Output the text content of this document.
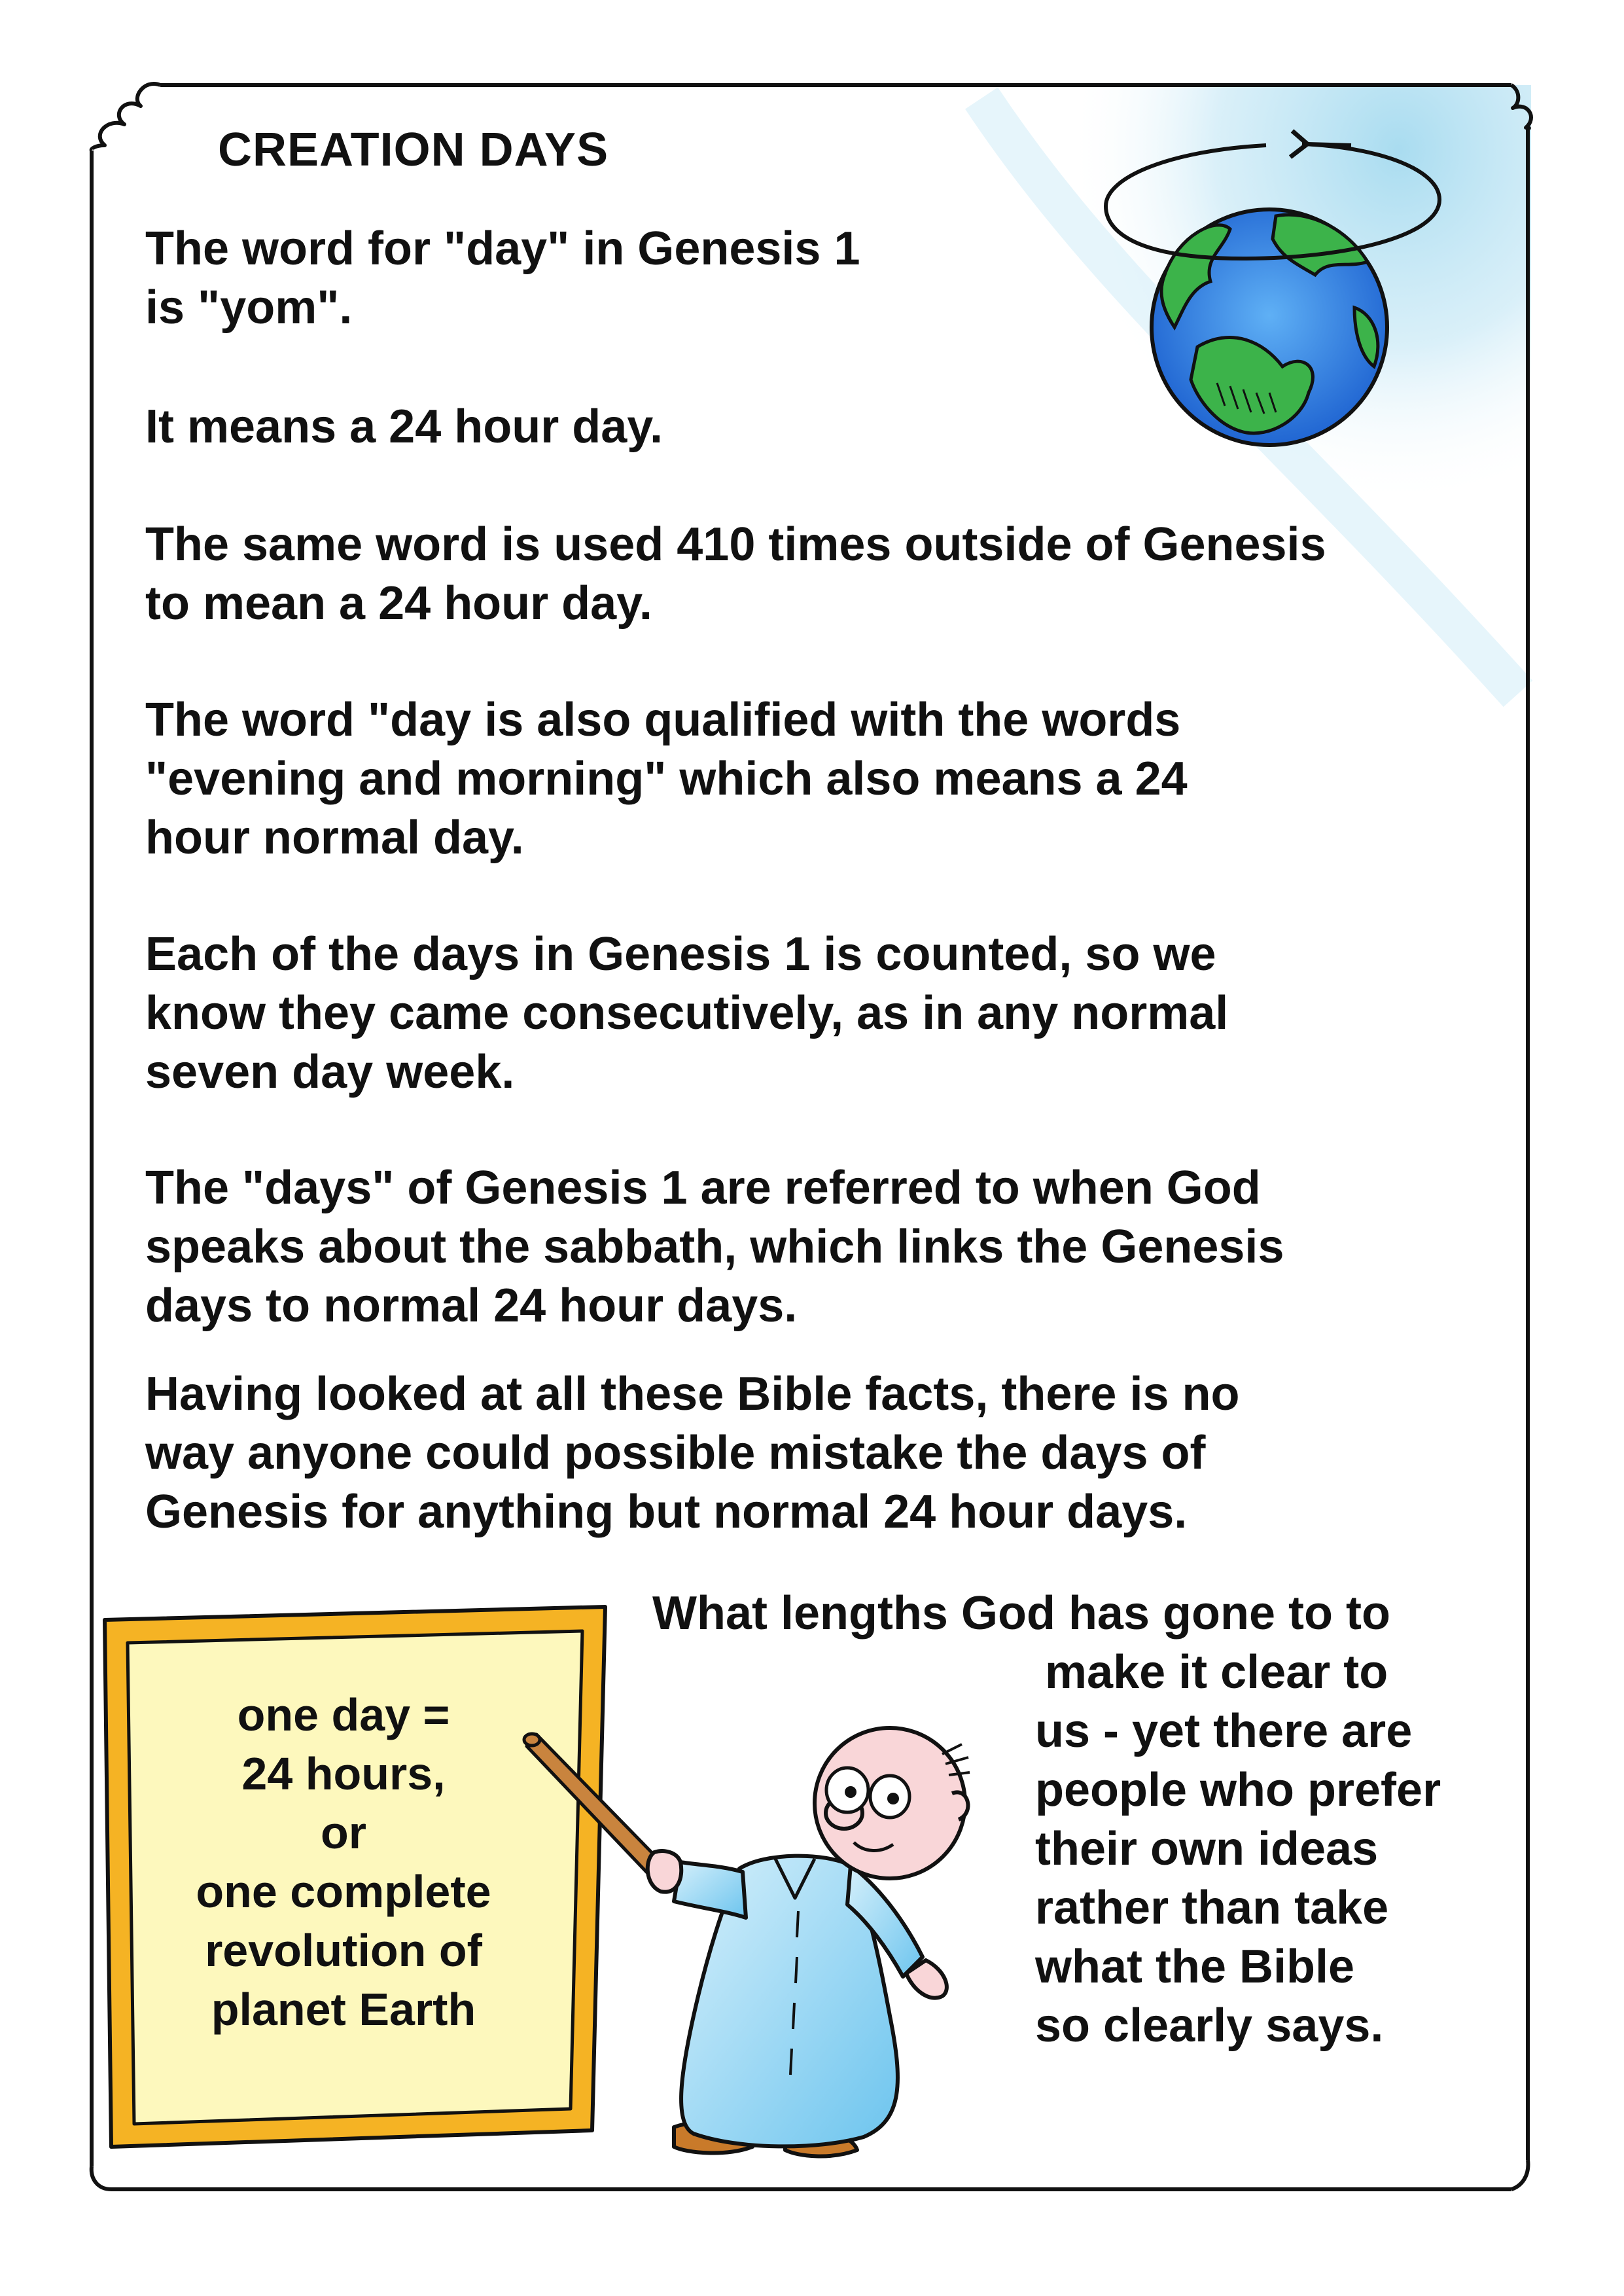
CREATION DAYS

The word for "day" in Genesis 1
is "yom".

It means a 24 hour day.

The same word is used 410 times outside of Genesis
to mean a 24 hour day.

The word "day is also qualified with the words
"evening and morning" which also means a 24
hour normal day.

Each of the days in Genesis 1 is counted, so we
know they came consecutively, as in any normal
seven day week.

The "days" of Genesis 1 are referred to when God
speaks about the sabbath, which links the Genesis
days to normal 24 hour days.

Having looked at all these Bible facts, there is no
way anyone could possible mistake the days of
Genesis for anything but normal 24 hour days.

one day =
24 hours,
or
one complete
revolution of
planet Earth

What lengths God has gone to to

make it clear to

us - yet there are

people who prefer

their own ideas

rather than take

what the Bible

so clearly says.
